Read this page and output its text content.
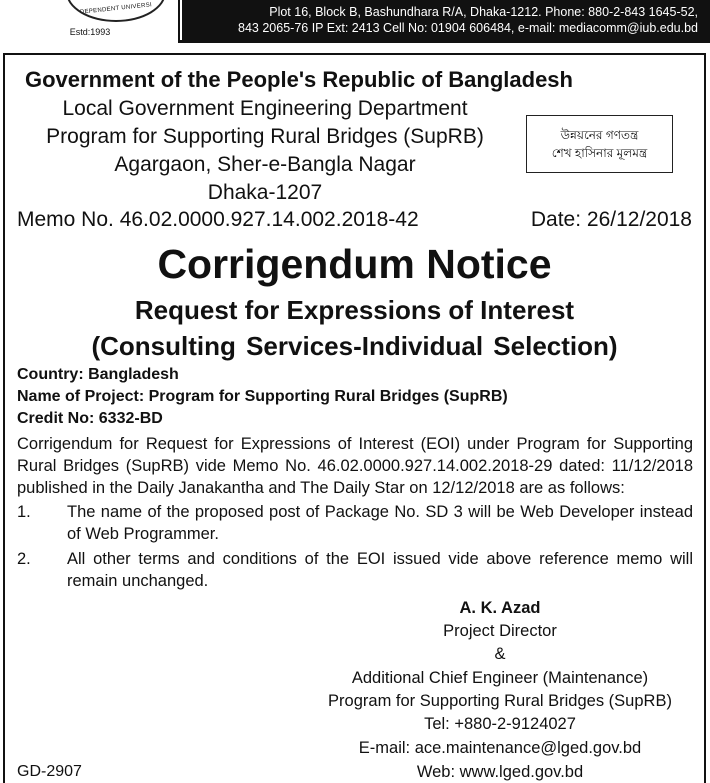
DEPENDENT UNIVERSI
Estd:1993
Plot 16, Block B, Bashundhara R/A, Dhaka-1212. Phone: 880-2-843 1645-52,
843 2065-76 IP Ext: 2413 Cell No: 01904 606484, e-mail: mediacomm@iub.edu.bd
Government of the People's Republic of Bangladesh
Local Government Engineering Department
Program for Supporting Rural Bridges (SupRB)
Agargaon, Sher-e-Bangla Nagar
Dhaka-1207
উন্নয়নের গণতন্ত্র
শেখ হাসিনার মূলমন্ত্র
Memo No. 46.02.0000.927.14.002.2018-42	Date: 26/12/2018
Corrigendum Notice
Request for Expressions of Interest
(Consulting Services-Individual Selection)
Country: Bangladesh
Name of Project: Program for Supporting Rural Bridges (SupRB)
Credit No: 6332-BD
Corrigendum for Request for Expressions of Interest (EOI) under Program for Supporting Rural Bridges (SupRB) vide Memo No. 46.02.0000.927.14.002.2018-29 dated: 11/12/2018 published in the Daily Janakantha and The Daily Star on 12/12/2018 are as follows:
1. The name of the proposed post of Package No. SD 3 will be Web Developer instead of Web Programmer.
2. All other terms and conditions of the EOI issued vide above reference memo will remain unchanged.
A. K. Azad
Project Director
&
Additional Chief Engineer (Maintenance)
Program for Supporting Rural Bridges (SupRB)
Tel: +880-2-9124027
E-mail: ace.maintenance@lged.gov.bd
Web: www.lged.gov.bd
GD-2907
